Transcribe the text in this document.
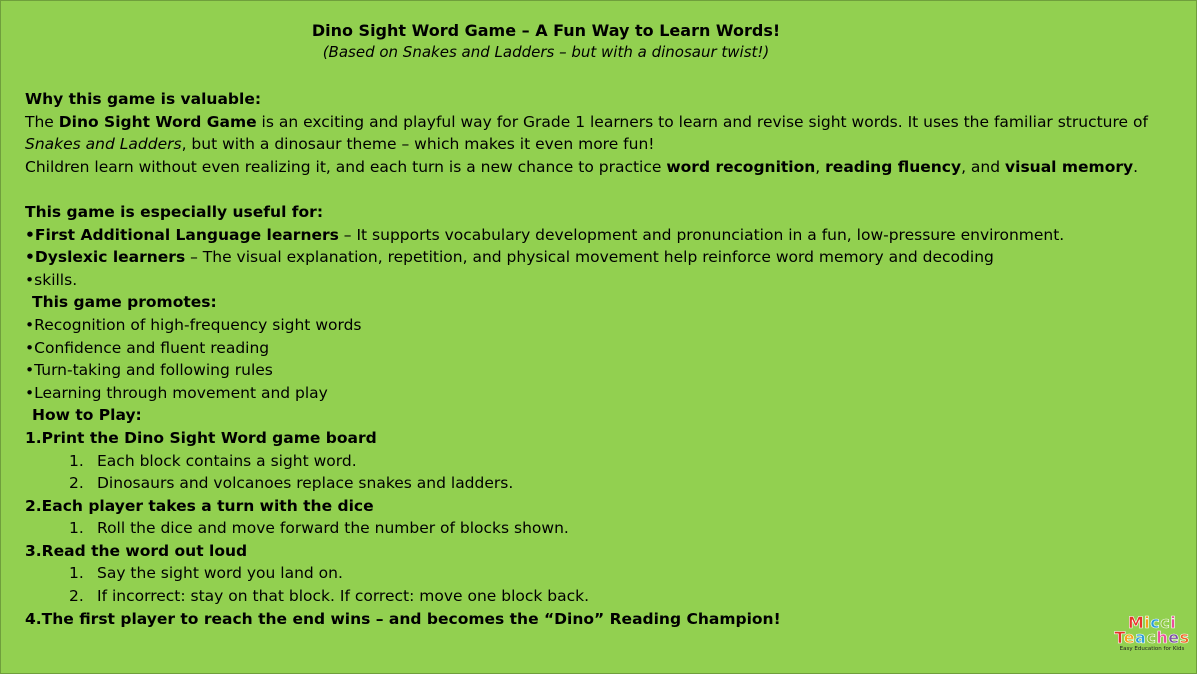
Dino Sight Word Game – A Fun Way to Learn Words!
(Based on Snakes and Ladders – but with a dinosaur twist!)

Why this game is valuable:

The Dino Sight Word Game is an exciting and playful way for Grade 1 learners to learn and revise sight words. It uses the familiar structure of Snakes and Ladders, but with a dinosaur theme – which makes it even more fun!

Children learn without even realizing it, and each turn is a new chance to practice word recognition, reading fluency, and visual memory.

This game is especially useful for:

•First Additional Language learners – It supports vocabulary development and pronunciation in a fun, low-pressure environment.

•Dyslexic learners – The visual explanation, repetition, and physical movement help reinforce word memory and decoding

•skills.

This game promotes:

•Recognition of high-frequency sight words

•Confidence and fluent reading

•Turn-taking and following rules

•Learning through movement and play

How to Play:

1.Print the Dino Sight Word game board

1. Each block contains a sight word.

2. Dinosaurs and volcanoes replace snakes and ladders.

2.Each player takes a turn with the dice

1. Roll the dice and move forward the number of blocks shown.

3.Read the word out loud

1. Say the sight word you land on.

2. If incorrect: stay on that block. If correct: move one block back.

4.The first player to reach the end wins – and becomes the “Dino” Reading Champion!	Micci
Teaches
Easy Education for Kids
